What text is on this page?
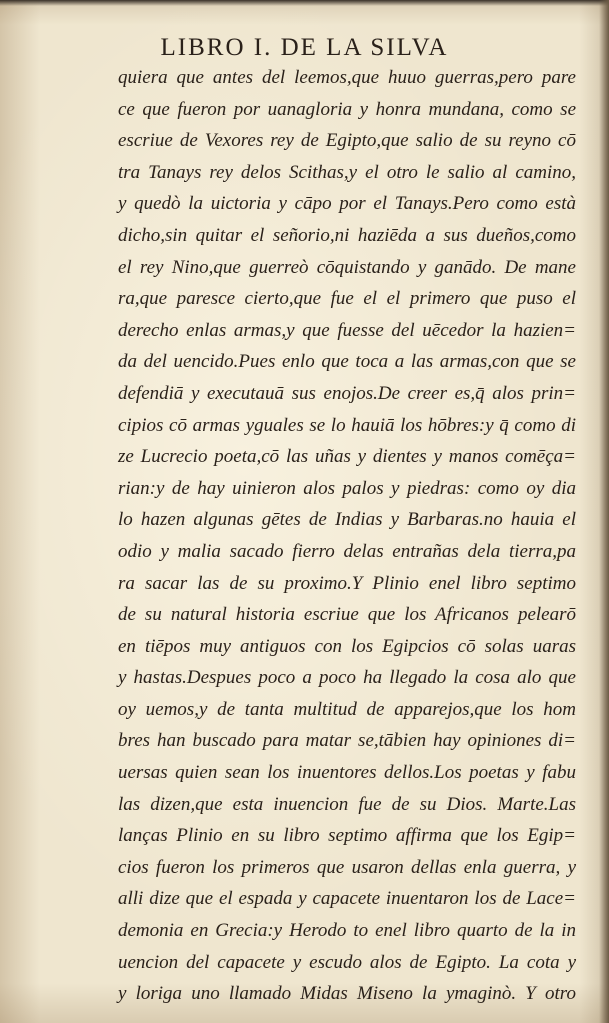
LIBRO I. DE LA SILVA
quiera que antes del leemos,que huuo guerras,pero pare
ce que fueron por uanagloria y honra mundana, como se
escriue de Vexores rey de Egipto,que salio de su reyno cō
tra Tanays rey delos Scithas,y el otro le salio al camino,
y quedò la uictoria y cāpo por el Tanays.Pero como està
dicho,sin quitar el señorio,ni haziēda a sus dueños,como
el rey Nino,que guerreò cōquistando y ganādo. De mane
ra,que paresce cierto,que fue el el primero que puso el
derecho enlas armas,y que fuesse del uēcedor la hazien=
da del uencido.Pues enlo que toca a las armas,con que se
defendiā y executauā sus enojos.De creer es,q̄ alos prin=
cipios cō armas yguales se lo hauiā los hōbres:y q̄ como di
ze Lucrecio poeta,cō las uñas y dientes y manos comēça=
rian:y de hay uinieron alos palos y piedras: como oy dia
lo hazen algunas gētes de Indias y Barbaras.no hauia el
odio y malia sacado fierro delas entrañas dela tierra,pa
ra sacar las de su proximo.Y Plinio enel libro septimo
de su natural historia escriue que los Africanos pelearō
en tiēpos muy antiguos con los Egipcios cō solas uaras
y hastas.Despues poco a poco ha llegado la cosa alo que
oy uemos,y de tanta multitud de apparejos,que los hom
bres han buscado para matar se,tābien hay opiniones di=
uersas quien sean los inuentores dellos.Los poetas y fabu
las dizen,que esta inuencion fue de su Dios. Marte.Las
lanças Plinio en su libro septimo affirma que los Egip=
cios fueron los primeros que usaron dellas enla guerra, y
alli dize que el espada y capacete inuentaron los de Lace=
demonia en Grecia:y Herodo to enel libro quarto de la in
uencion del capacete y escudo alos de Egipto. La cota y
y loriga uno llamado Midas Miseno la ymaginò. Y otro
